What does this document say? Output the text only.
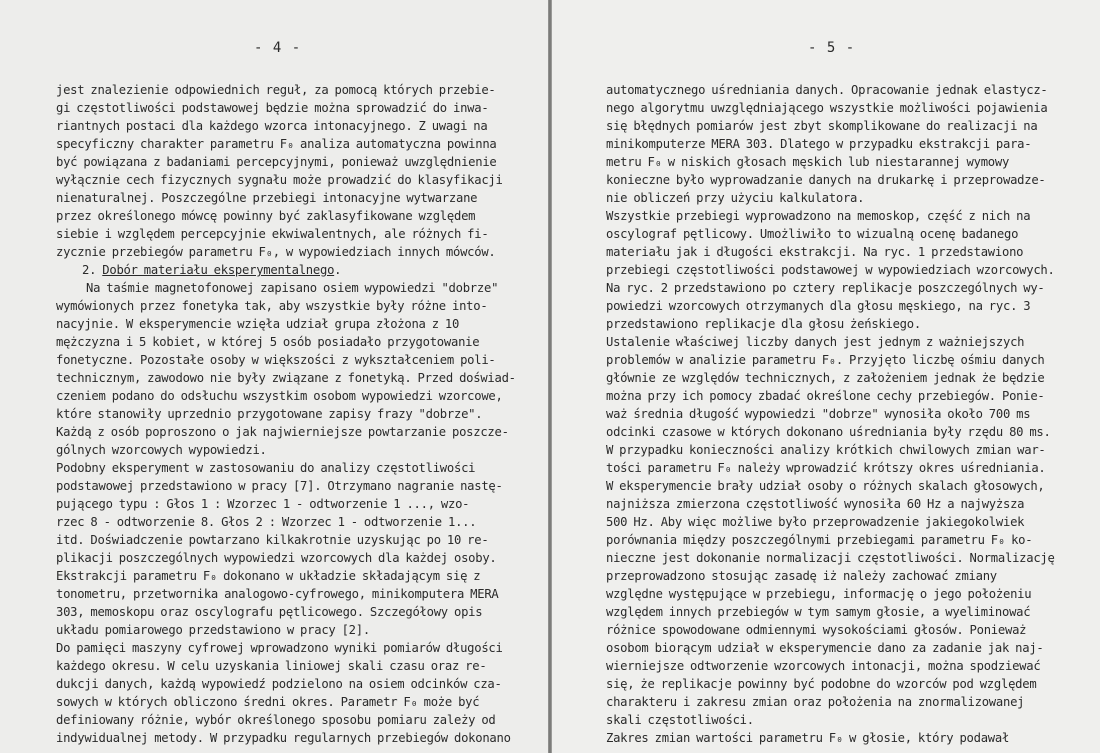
- 4 -
jest znalezienie odpowiednich reguł, za pomocą których przebie-
gi częstotliwości podstawowej będzie można sprowadzić do inwa-
riantnych postaci dla każdego wzorca intonacyjnego. Z uwagi na
specyficzny charakter parametru F₀ analiza automatyczna powinna
być powiązana z badaniami percepcyjnymi, ponieważ uwzględnienie
wyłącznie cech fizycznych sygnału może prowadzić do klasyfikacji
nienaturalnej. Poszczególne przebiegi intonacyjne wytwarzane
przez określonego mówcę powinny być zaklasyfikowane względem
siebie i względem percepcyjnie ekwiwalentnych, ale różnych fi-
zycznie przebiegów parametru F₀, w wypowiedziach innych mówców.
2. Dobór materiału eksperymentalnego.
Na taśmie magnetofonowej zapisano osiem wypowiedzi "dobrze"
wymówionych przez fonetyka tak, aby wszystkie były różne into-
nacyjnie. W eksperymencie wzięła udział grupa złożona z 10
mężczyzna i 5 kobiet, w której 5 osób posiadało przygotowanie
fonetyczne. Pozostałe osoby w większości z wykształceniem poli-
technicznym, zawodowo nie były związane z fonetyką. Przed doświad-
czeniem podano do odsłuchu wszystkim osobom wypowiedzi wzorcowe,
które stanowiły uprzednio przygotowane zapisy frazy "dobrze".
Każdą z osób poproszono o jak najwierniejsze powtarzanie poszcze-
gólnych wzorcowych wypowiedzi.
Podobny eksperyment w zastosowaniu do analizy częstotliwości
podstawowej przedstawiono w pracy [7]. Otrzymano nagranie nastę-
pującego typu : Głos 1 : Wzorzec 1 - odtworzenie 1 ..., wzo-
rzec 8 - odtworzenie 8. Głos 2 : Wzorzec 1 - odtworzenie 1...
itd. Doświadczenie powtarzano kilkakrotnie uzyskując po 10 re-
plikacji poszczególnych wypowiedzi wzorcowych dla każdej osoby.
Ekstrakcji parametru F₀ dokonano w układzie składającym się z
tonometru, przetwornika analogowo-cyfrowego, minikomputera MERA
303, memoskopu oraz oscylografu pętlicowego. Szczegółowy opis
układu pomiarowego przedstawiono w pracy [2].
Do pamięci maszyny cyfrowej wprowadzono wyniki pomiarów długości
każdego okresu. W celu uzyskania liniowej skali czasu oraz re-
dukcji danych, każdą wypowiedź podzielono na osiem odcinków cza-
sowych w których obliczono średni okres. Parametr F₀ może być
definiowany różnie, wybór określonego sposobu pomiaru zależy od
indywidualnej metody. W przypadku regularnych przebiegów dokonano
- 5 -
automatycznego uśredniania danych. Opracowanie jednak elastycz-
nego algorytmu uwzględniającego wszystkie możliwości pojawienia
się błędnych pomiarów jest zbyt skomplikowane do realizacji na
minikomputerze MERA 303. Dlatego w przypadku ekstrakcji para-
metru F₀ w niskich głosach męskich lub niestarannej wymowy
konieczne było wyprowadzanie danych na drukarkę i przeprowadze-
nie obliczeń przy użyciu kalkulatora.
Wszystkie przebiegi wyprowadzono na memoskop, część z nich na
oscylograf pętlicowy. Umożliwiło to wizualną ocenę badanego
materiału jak i długości ekstrakcji. Na ryc. 1 przedstawiono
przebiegi częstotliwości podstawowej w wypowiedziach wzorcowych.
Na ryc. 2 przedstawiono po cztery replikacje poszczególnych wy-
powiedzi wzorcowych otrzymanych dla głosu męskiego, na ryc. 3
przedstawiono replikacje dla głosu żeńskiego.
Ustalenie właściwej liczby danych jest jednym z ważniejszych
problemów w analizie parametru F₀. Przyjęto liczbę ośmiu danych
głównie ze względów technicznych, z założeniem jednak że będzie
można przy ich pomocy zbadać określone cechy przebiegów. Ponie-
waż średnia długość wypowiedzi "dobrze" wynosiła około 700 ms
odcinki czasowe w których dokonano uśredniania były rzędu 80 ms.
W przypadku konieczności analizy krótkich chwilowych zmian war-
tości parametru F₀ należy wprowadzić krótszy okres uśredniania.
W eksperymencie brały udział osoby o różnych skalach głosowych,
najniższa zmierzona częstotliwość wynosiła 60 Hz a najwyższa
500 Hz. Aby więc możliwe było przeprowadzenie jakiegokolwiek
porównania między poszczególnymi przebiegami parametru F₀ ko-
nieczne jest dokonanie normalizacji częstotliwości. Normalizację
przeprowadzono stosując zasadę iż należy zachować zmiany
względne występujące w przebiegu, informację o jego położeniu
względem innych przebiegów w tym samym głosie, a wyeliminować
różnice spowodowane odmiennymi wysokościami głosów. Ponieważ
osobom biorącym udział w eksperymencie dano za zadanie jak naj-
wierniejsze odtworzenie wzorcowych intonacji, można spodziewać
się, że replikacje powinny być podobne do wzorców pod względem
charakteru i zakresu zmian oraz położenia na znormalizowanej
skali częstotliwości.
Zakres zmian wartości parametru F₀ w głosie, który podawał
